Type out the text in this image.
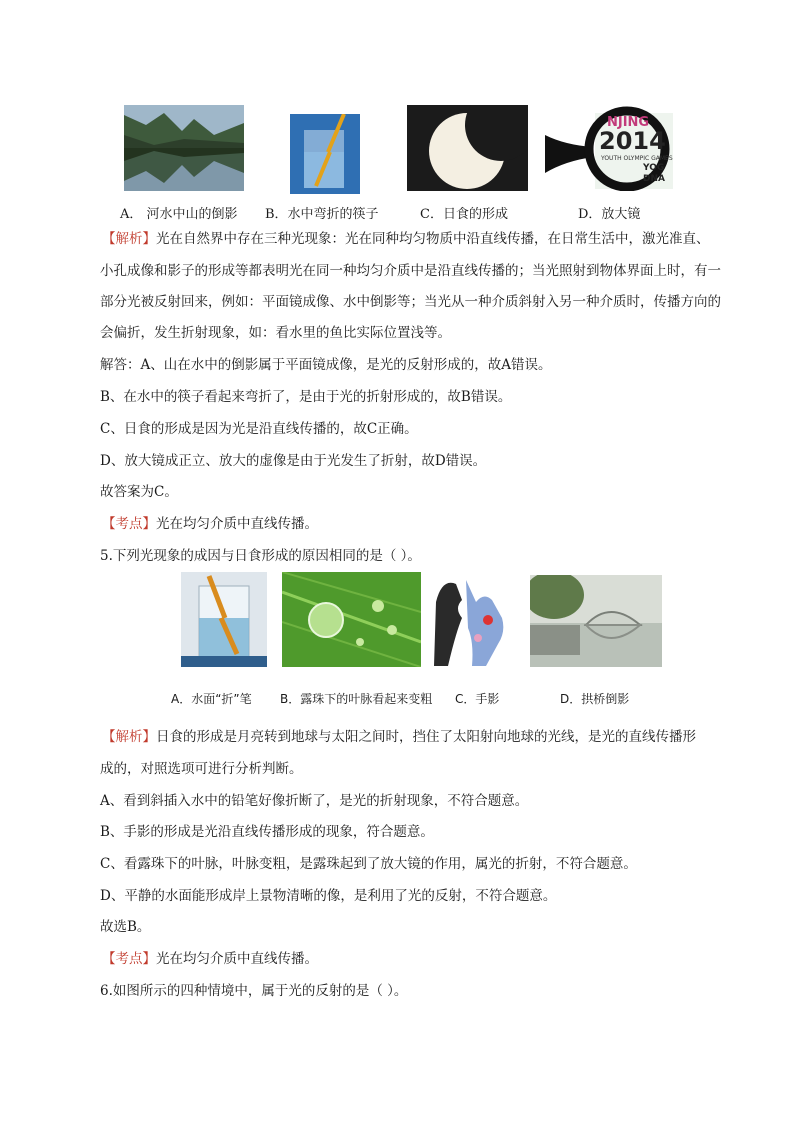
NJING
2014
YOUTH OLYMPIC GAMES
YOG
DNA
A． 河水中山的倒影 B．水中弯折的筷子	C．日食的形成	D．放大镜
【解析】光在自然界中存在三种光现象：光在同种均匀物质中沿直线传播，在日常生活中，激光准直、
小孔成像和影子的形成等都表明光在同一种均匀介质中是沿直线传播的；当光照射到物体界面上时，有一
部分光被反射回来，例如：平面镜成像、水中倒影等；当光从一种介质斜射入另一种介质时，传播方向的
会偏折，发生折射现象，如：看水里的鱼比实际位置浅等。
解答：A、山在水中的倒影属于平面镜成像，是光的反射形成的，故A错误。
B、在水中的筷子看起来弯折了，是由于光的折射形成的，故B错误。
C、日食的形成是因为光是沿直线传播的，故C正确。
D、放大镜成正立、放大的虚像是由于光发生了折射，故D错误。
故答案为C。
【考点】光在均匀介质中直线传播。
5.下列光现象的成因与日食形成的原因相同的是（ ）。
A．水面“折”笔 B．露珠下的叶脉看起来变粗 C．手影	D．拱桥倒影
【解析】日食的形成是月亮转到地球与太阳之间时，挡住了太阳射向地球的光线，是光的直线传播形
成的，对照选项可进行分析判断。
A、看到斜插入水中的铅笔好像折断了，是光的折射现象，不符合题意。
B、手影的形成是光沿直线传播形成的现象，符合题意。
C、看露珠下的叶脉，叶脉变粗，是露珠起到了放大镜的作用，属光的折射，不符合题意。
D、平静的水面能形成岸上景物清晰的像，是利用了光的反射，不符合题意。
故选B。
【考点】光在均匀介质中直线传播。
6.如图所示的四种情境中，属于光的反射的是（ ）。
